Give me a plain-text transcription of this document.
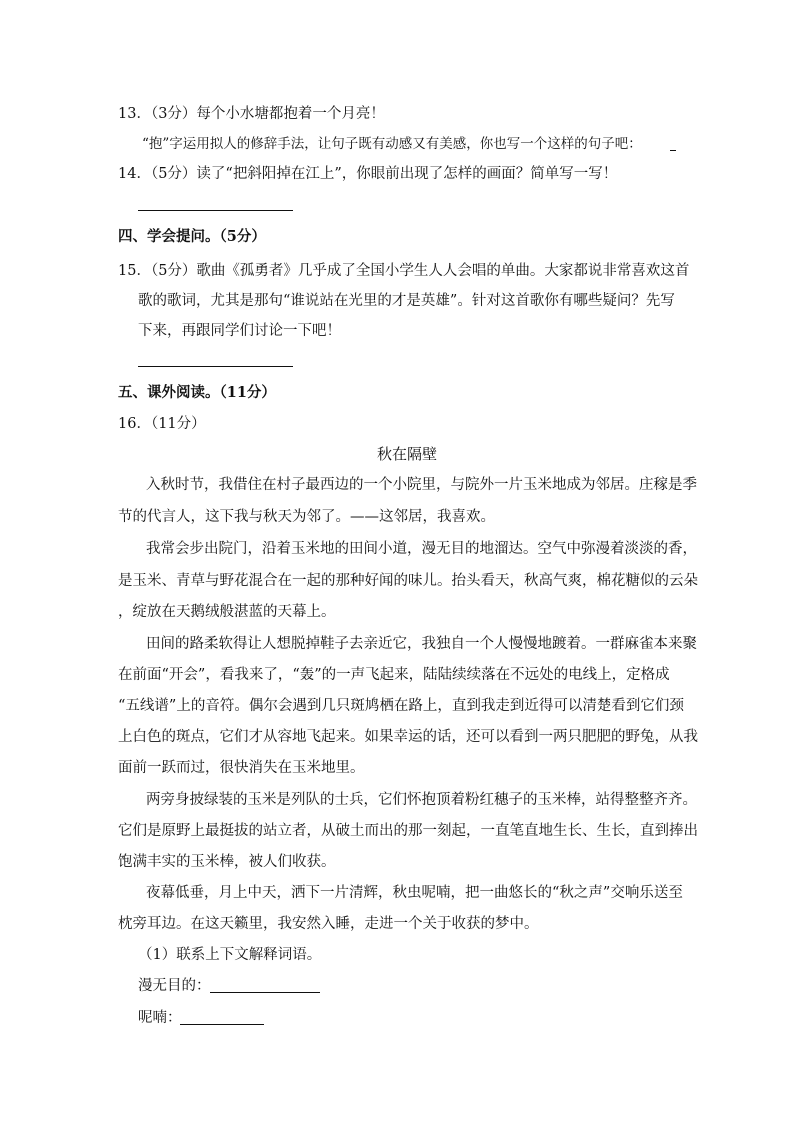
13．（3分）每个小水塘都抱着一个月亮！
“抱”字运用拟人的修辞手法，让句子既有动感又有美感，你也写一个这样的句子吧：
14．（5分）读了“把斜阳掉在江上”，你眼前出现了怎样的画面？简单写一写！
四、学会提问。（5分）
15．（5分）歌曲《孤勇者》几乎成了全国小学生人人会唱的单曲。大家都说非常喜欢这首
歌的歌词，尤其是那句“谁说站在光里的才是英雄”。针对这首歌你有哪些疑问？先写
下来，再跟同学们讨论一下吧！
五、课外阅读。（11分）
16．（11分）
秋在隔壁
入秋时节，我借住在村子最西边的一个小院里，与院外一片玉米地成为邻居。庄稼是季
节的代言人，这下我与秋天为邻了。——这邻居，我喜欢。
我常会步出院门，沿着玉米地的田间小道，漫无目的地溜达。空气中弥漫着淡淡的香，
是玉米、青草与野花混合在一起的那种好闻的味儿。抬头看天，秋高气爽，棉花糖似的云朵
，绽放在天鹅绒般湛蓝的天幕上。
田间的路柔软得让人想脱掉鞋子去亲近它，我独自一个人慢慢地踱着。一群麻雀本来聚
在前面“开会”，看我来了，“轰”的一声飞起来，陆陆续续落在不远处的电线上，定格成
“五线谱”上的音符。偶尔会遇到几只斑鸠栖在路上，直到我走到近得可以清楚看到它们颈
上白色的斑点，它们才从容地飞起来。如果幸运的话，还可以看到一两只肥肥的野兔，从我
面前一跃而过，很快消失在玉米地里。
两旁身披绿装的玉米是列队的士兵，它们怀抱顶着粉红穗子的玉米棒，站得整整齐齐。
它们是原野上最挺拔的站立者，从破土而出的那一刻起，一直笔直地生长、生长，直到捧出
饱满丰实的玉米棒，被人们收获。
夜幕低垂，月上中天，洒下一片清辉，秋虫呢喃，把一曲悠长的“秋之声”交响乐送至
枕旁耳边。在这天籁里，我安然入睡，走进一个关于收获的梦中。
（1）联系上下文解释词语。
漫无目的：
呢喃：
